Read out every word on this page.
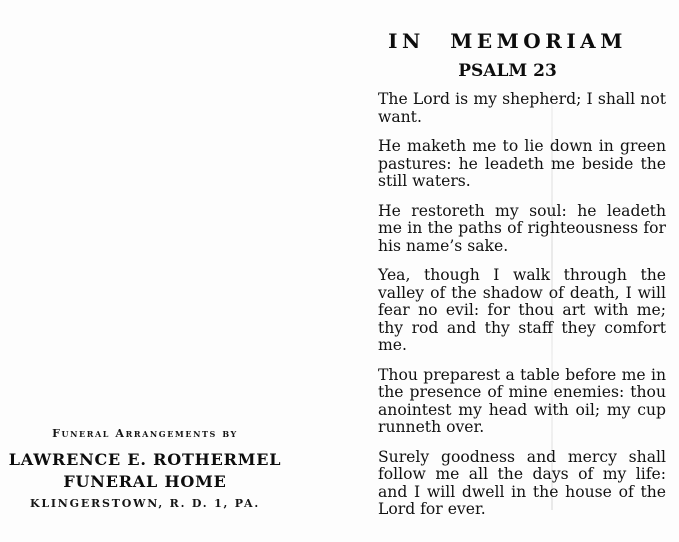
Funeral Arrangements by
LAWRENCE E. ROTHERMEL
FUNERAL HOME
KLINGERSTOWN, R. D. 1, PA.
IN MEMORIAM
PSALM 23

The Lord is my shepherd; I shall not want.

He maketh me to lie down in green pastures: he leadeth me beside the still waters.

He restoreth my soul: he leadeth me in the paths of righteousness for his name’s sake.

Yea, though I walk through the valley of the shadow of death, I will fear no evil: for thou art with me; thy rod and thy staff they comfort me.

Thou preparest a table before me in the presence of mine enemies: thou anointest my head with oil; my cup runneth over.

Surely goodness and mercy shall follow me all the days of my life: and I will dwell in the house of the Lord for ever.
